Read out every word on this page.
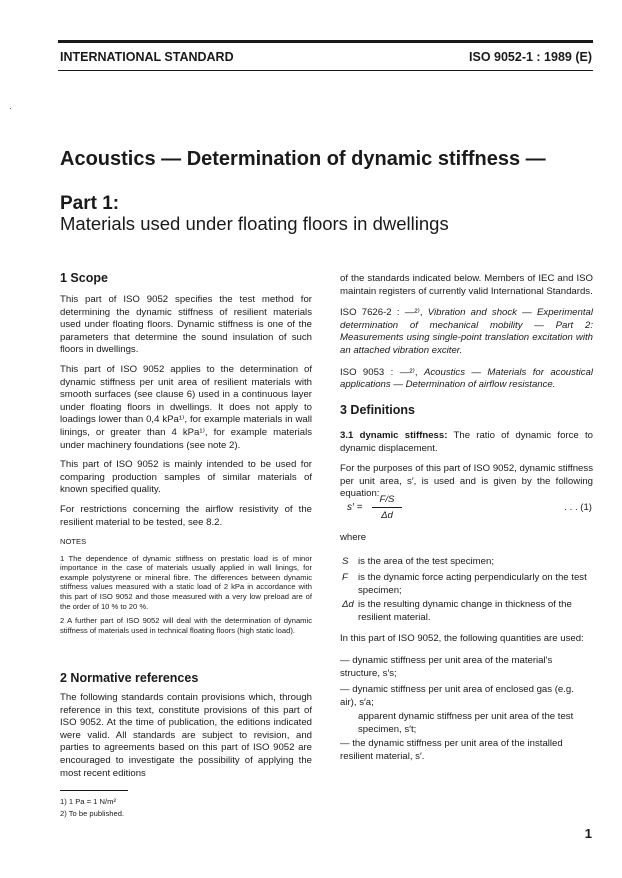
INTERNATIONAL STANDARD	ISO 9052-1 : 1989 (E)
·
Acoustics — Determination of dynamic stiffness —
Part 1:
Materials used under floating floors in dwellings
1 Scope

This part of ISO 9052 specifies the test method for determining the dynamic stiffness of resilient materials used under floating floors. Dynamic stiffness is one of the parameters that determine the sound insulation of such floors in dwellings.

This part of ISO 9052 applies to the determination of dynamic stiffness per unit area of resilient materials with smooth surfaces (see clause 6) used in a continuous layer under floating floors in dwellings. It does not apply to loadings lower than 0,4 kPa¹⁾, for example materials in wall linings, or greater than 4 kPa¹⁾, for example materials under machinery foundations (see note 2).

This part of ISO 9052 is mainly intended to be used for comparing production samples of similar materials of known specified quality.

For restrictions concerning the airflow resistivity of the resilient material to be tested, see 8.2.

NOTES

1 The dependence of dynamic stiffness on prestatic load is of minor importance in the case of materials usually applied in wall linings, for example polystyrene or mineral fibre. The differences between dynamic stiffness values measured with a static load of 2 kPa in accordance with this part of ISO 9052 and those measured with a very low preload are of the order of 10 % to 20 %.

2 A further part of ISO 9052 will deal with the determination of dynamic stiffness of materials used in technical floating floors (high static load).

2 Normative references

The following standards contain provisions which, through reference in this text, constitute provisions of this part of ISO 9052. At the time of publication, the editions indicated were valid. All standards are subject to revision, and parties to agreements based on this part of ISO 9052 are encouraged to investigate the possibility of applying the most recent editions

1) 1 Pa = 1 N/m²
2) To be published.

of the standards indicated below. Members of IEC and ISO maintain registers of currently valid International Standards.

ISO 7626-2 : —²⁾, Vibration and shock — Experimental determination of mechanical mobility — Part 2: Measurements using single-point translation excitation with an attached vibration exciter.

ISO 9053 : —²⁾, Acoustics — Materials for acoustical applications — Determination of airflow resistance.

3 Definitions

3.1 dynamic stiffness: The ratio of dynamic force to dynamic displacement.

For the purposes of this part of ISO 9052, dynamic stiffness per unit area, s′, is used and is given by the following equation:

s′ =
F/S
Δd
. . . (1)
where
S is the area of the test specimen;
F is the dynamic force acting perpendicularly on the test specimen;
Δd is the resulting dynamic change in thickness of the resilient material.
In this part of ISO 9052, the following quantities are used:
— dynamic stiffness per unit area of the material's structure, s′s;
— dynamic stiffness per unit area of enclosed gas (e.g. air), s′a;
apparent dynamic stiffness per unit area of the test specimen, s′t;
— the dynamic stiffness per unit area of the installed resilient material, s′.
1
